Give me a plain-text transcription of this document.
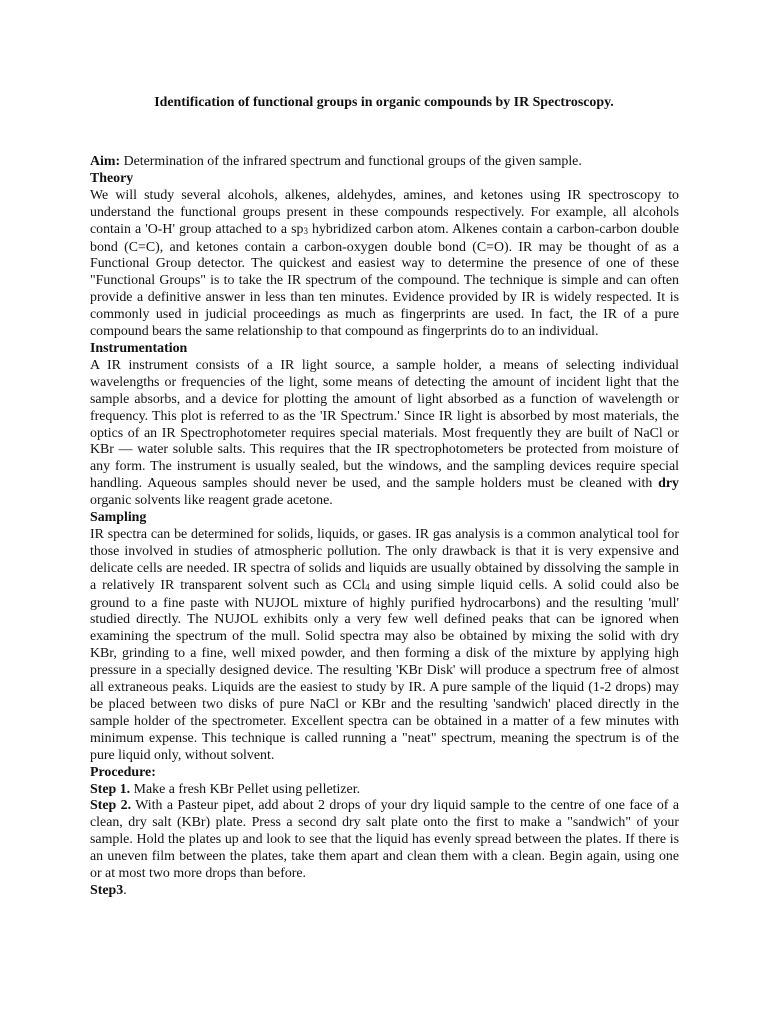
Identification of functional groups in organic compounds by IR Spectroscopy.

Aim: Determination of the infrared spectrum and functional groups of the given sample.

Theory

We will study several alcohols, alkenes, aldehydes, amines, and ketones using IR spectroscopy to understand the functional groups present in these compounds respectively. For example, all alcohols contain a 'O-H' group attached to a $sp_3$ hybridized carbon atom. Alkenes contain a carbon-carbon double bond (C=C), and ketones contain a carbon-oxygen double bond (C=O). IR may be thought of as a Functional Group detector. The quickest and easiest way to determine the presence of one of these "Functional Groups" is to take the IR spectrum of the compound. The technique is simple and can often provide a definitive answer in less than ten minutes. Evidence provided by IR is widely respected. It is commonly used in judicial proceedings as much as fingerprints are used. In fact, the IR of a pure compound bears the same relationship to that compound as fingerprints do to an individual.

Instrumentation

A IR instrument consists of a IR light source, a sample holder, a means of selecting individual wavelengths or frequencies of the light, some means of detecting the amount of incident light that the sample absorbs, and a device for plotting the amount of light absorbed as a function of wavelength or frequency. This plot is referred to as the 'IR Spectrum.' Since IR light is absorbed by most materials, the optics of an IR Spectrophotometer requires special materials. Most frequently they are built of NaCl or KBr — water soluble salts. This requires that the IR spectrophotometers be protected from moisture of any form. The instrument is usually sealed, but the windows, and the sampling devices require special handling. Aqueous samples should never be used, and the sample holders must be cleaned with dry organic solvents like reagent grade acetone.

Sampling

IR spectra can be determined for solids, liquids, or gases. IR gas analysis is a common analytical tool for those involved in studies of atmospheric pollution. The only drawback is that it is very expensive and delicate cells are needed. IR spectra of solids and liquids are usually obtained by dissolving the sample in a relatively IR transparent solvent such as CCl$_4$ and using simple liquid cells. A solid could also be ground to a fine paste with NUJOL mixture of highly purified hydrocarbons) and the resulting 'mull' studied directly. The NUJOL exhibits only a very few well defined peaks that can be ignored when examining the spectrum of the mull. Solid spectra may also be obtained by mixing the solid with dry KBr, grinding to a fine, well mixed powder, and then forming a disk of the mixture by applying high pressure in a specially designed device. The resulting 'KBr Disk' will produce a spectrum free of almost all extraneous peaks. Liquids are the easiest to study by IR. A pure sample of the liquid (1-2 drops) may be placed between two disks of pure NaCl or KBr and the resulting 'sandwich' placed directly in the sample holder of the spectrometer. Excellent spectra can be obtained in a matter of a few minutes with minimum expense. This technique is called running a "neat" spectrum, meaning the spectrum is of the pure liquid only, without solvent.

Procedure:

Step 1. Make a fresh KBr Pellet using pelletizer.

Step 2. With a Pasteur pipet, add about 2 drops of your dry liquid sample to the centre of one face of a clean, dry salt (KBr) plate. Press a second dry salt plate onto the first to make a "sandwich" of your sample. Hold the plates up and look to see that the liquid has evenly spread between the plates. If there is an uneven film between the plates, take them apart and clean them with a clean. Begin again, using one or at most two more drops than before.

Step3.
